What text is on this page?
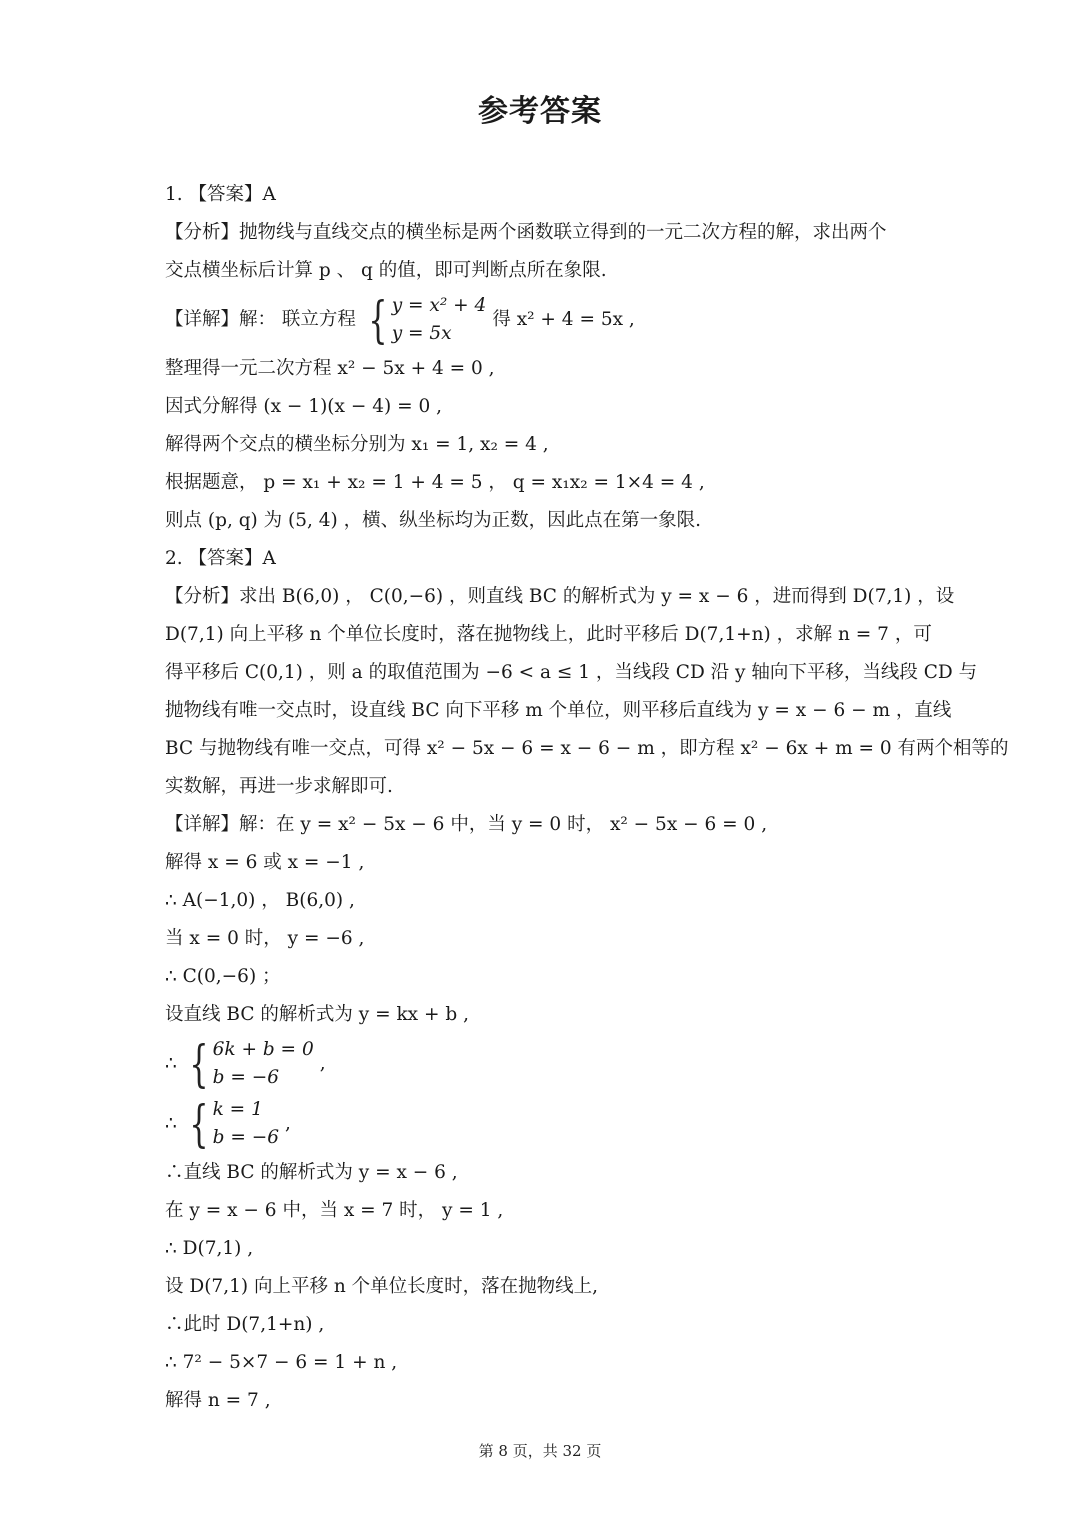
参考答案
1. 【答案】A
【分析】抛物线与直线交点的横坐标是两个函数联立得到的一元二次方程的解，求出两个
交点横坐标后计算 p 、 q 的值，即可判断点所在象限.
【详解】解： 联立方程 { y = x² + 4
y = 5x
得 x² + 4 = 5x ,
整理得一元二次方程 x² − 5x + 4 = 0 ,
因式分解得 (x − 1)(x − 4) = 0 ,
解得两个交点的横坐标分别为 x₁ = 1, x₂ = 4 ,
根据题意， p = x₁ + x₂ = 1 + 4 = 5 ， q = x₁x₂ = 1×4 = 4 ,
则点 (p, q) 为 (5, 4) ，横、纵坐标均为正数，因此点在第一象限.
2. 【答案】A
【分析】求出 B(6,0) ， C(0,−6) ，则直线 BC 的解析式为 y = x − 6 ，进而得到 D(7,1) ，设
D(7,1) 向上平移 n 个单位长度时，落在抛物线上，此时平移后 D(7,1+n) ，求解 n = 7 ，可
得平移后 C(0,1) ，则 a 的取值范围为 −6 < a ≤ 1 ，当线段 CD 沿 y 轴向下平移，当线段 CD 与
抛物线有唯一交点时，设直线 BC 向下平移 m 个单位，则平移后直线为 y = x − 6 − m ，直线
BC 与抛物线有唯一交点，可得 x² − 5x − 6 = x − 6 − m ，即方程 x² − 6x + m = 0 有两个相等的
实数解，再进一步求解即可.
【详解】解：在 y = x² − 5x − 6 中，当 y = 0 时， x² − 5x − 6 = 0 ,
解得 x = 6 或 x = −1 ,
∴ A(−1,0) ， B(6,0) ,
当 x = 0 时， y = −6 ,
∴ C(0,−6) ；
设直线 BC 的解析式为 y = kx + b ,
∴ { 6k + b = 0
b = −6
,
∴ { k = 1
b = −6
,
∴直线 BC 的解析式为 y = x − 6 ,
在 y = x − 6 中，当 x = 7 时， y = 1 ,
∴ D(7,1) ,
设 D(7,1) 向上平移 n 个单位长度时，落在抛物线上,
∴此时 D(7,1+n) ,
∴ 7² − 5×7 − 6 = 1 + n ,
解得 n = 7 ,
第 8 页，共 32 页
